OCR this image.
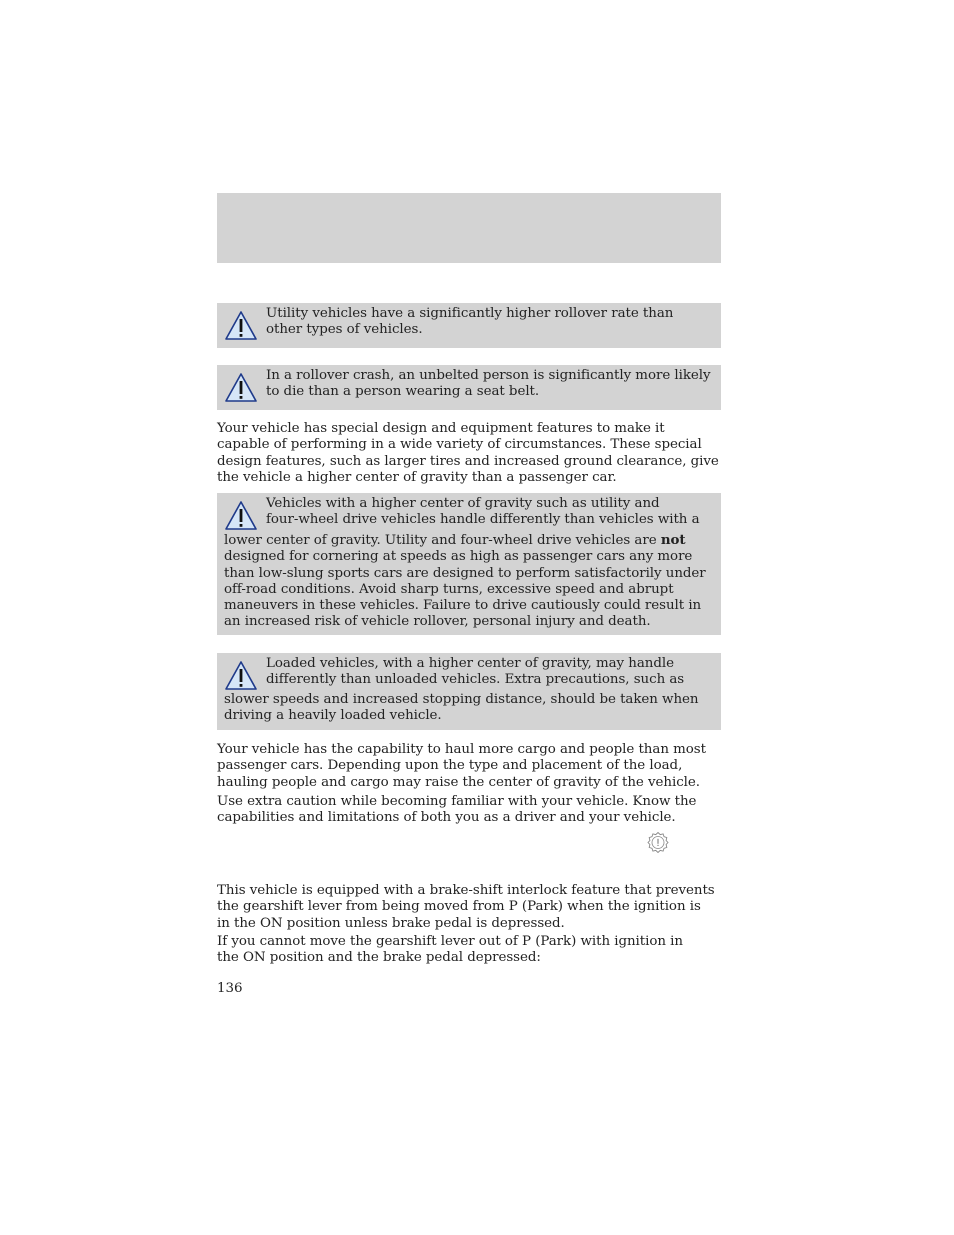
Utility vehicles have a significantly higher rollover rate than
other types of vehicles.
In a rollover crash, an unbelted person is significantly more likely
to die than a person wearing a seat belt.
Your vehicle has special design and equipment features to make it
capable of performing in a wide variety of circumstances. These special
design features, such as larger tires and increased ground clearance, give
the vehicle a higher center of gravity than a passenger car.
Vehicles with a higher center of gravity such as utility and
four-wheel drive vehicles handle differently than vehicles with a
lower center of gravity. Utility and four-wheel drive vehicles are not
designed for cornering at speeds as high as passenger cars any more
than low-slung sports cars are designed to perform satisfactorily under
off-road conditions. Avoid sharp turns, excessive speed and abrupt
maneuvers in these vehicles. Failure to drive cautiously could result in
an increased risk of vehicle rollover, personal injury and death.
Loaded vehicles, with a higher center of gravity, may handle
differently than unloaded vehicles. Extra precautions, such as
slower speeds and increased stopping distance, should be taken when
driving a heavily loaded vehicle.
Your vehicle has the capability to haul more cargo and people than most
passenger cars. Depending upon the type and placement of the load,
hauling people and cargo may raise the center of gravity of the vehicle.
Use extra caution while becoming familiar with your vehicle. Know the
capabilities and limitations of both you as a driver and your vehicle.
This vehicle is equipped with a brake-shift interlock feature that prevents
the gearshift lever from being moved from P (Park) when the ignition is
in the ON position unless brake pedal is depressed.
If you cannot move the gearshift lever out of P (Park) with ignition in
the ON position and the brake pedal depressed:
136
